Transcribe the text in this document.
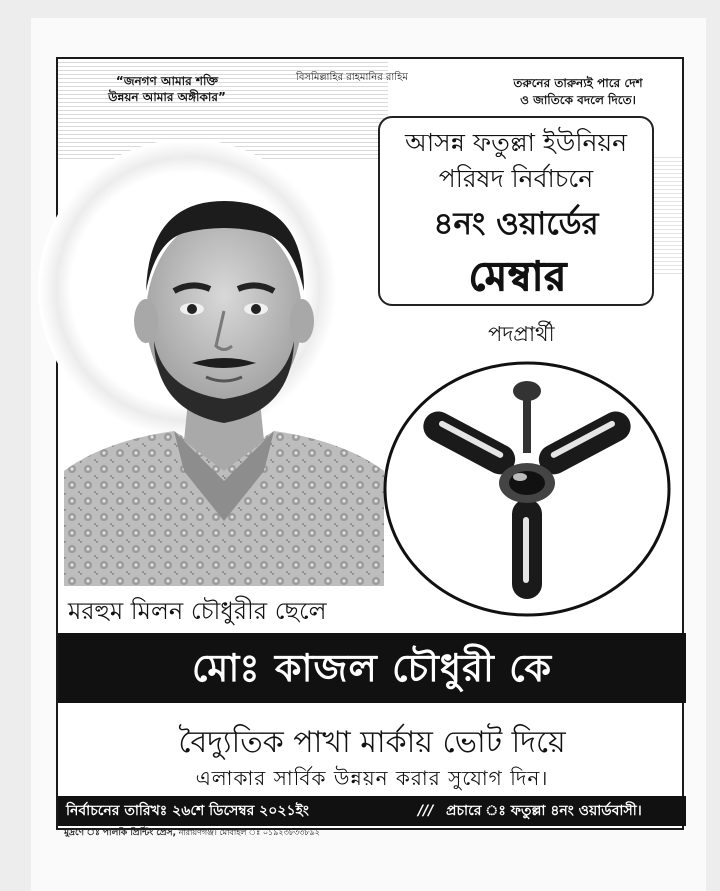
“জনগণ আমার শক্তি
উন্নয়ন আমার অঙ্গীকার”
বিসমিল্লাহির রাহমানির রাহিম	তরুনের তারুন্যই পারে দেশ
ও জাতিকে বদলে দিতে।
আসন্ন ফতুল্লা ইউনিয়ন
পরিষদ নির্বাচনে
৪নং ওয়ার্ডের
মেম্বার
পদপ্রার্থী
মরহুম মিলন চৌধুরীর ছেলে
মোঃ কাজল চৌধুরী কে
বৈদ্যুতিক পাখা মার্কায় ভোট দিয়ে
এলাকার সার্বিক উন্নয়ন করার সুযোগ দিন।
নির্বাচনের তারিখঃ ২৬শে ডিসেম্বর ২০২১ইং	/// প্রচারে ঃ ফতুল্লা ৪নং ওয়ার্ডবাসী।
মুদ্রণে ঃ পালকি প্রিন্টিং প্রেস, নারায়ণগঞ্জ। মোবাইল ঃ ০১৯২৩৮৩৩৮৯২
